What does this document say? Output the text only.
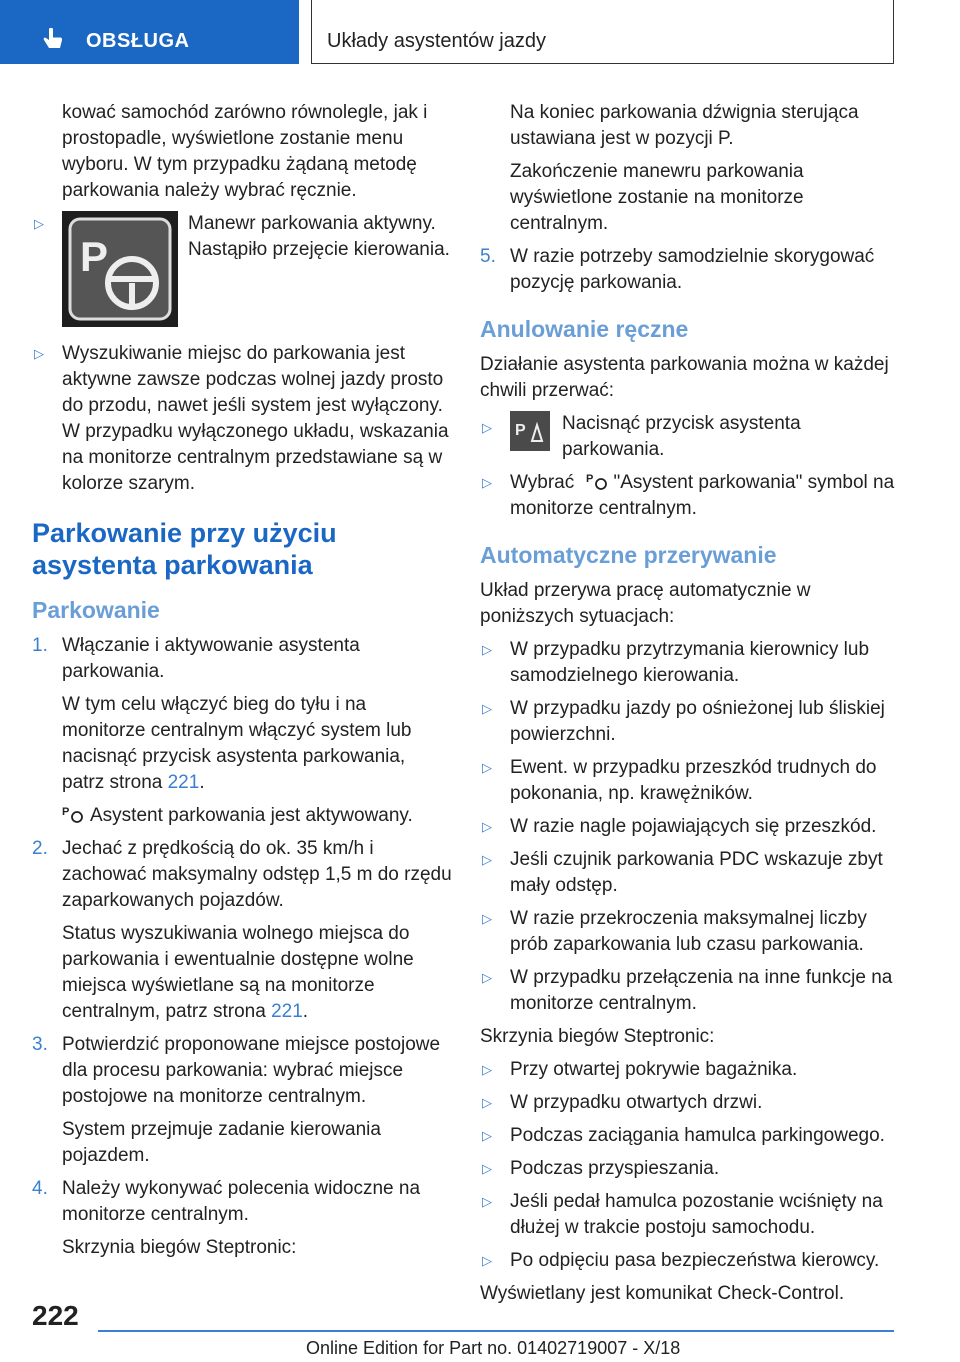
OBSŁUGA	Układy asystentów jazdy

kować samochód zarówno równolegle, jak i prostopadle, wyświetlone zostanie menu wyboru. W tym przypadku żądaną metodę parkowania należy wybrać ręcznie.

▷
P

Manewr parkowania aktywny. Nastąpiło przejęcie kierowania.

▷ Wyszukiwanie miejsc do parkowania jest aktywne zawsze podczas wolnej jazdy prosto do przodu, nawet jeśli system jest wyłączony. W przypadku wyłączonego układu, wskazania na monitorze centralnym przedstawiane są w kolorze szarym.

Parkowanie przy użyciu asystenta parkowania
Parkowanie
1. Włączanie i aktywowanie asystenta parkowania.

W tym celu włączyć bieg do tyłu i na monitorze centralnym włączyć system lub nacisnąć przycisk asystenta parkowania, patrz strona 221.

P Asystent parkowania jest aktywowany.

2. Jechać z prędkością do ok. 35 km/h i zachować maksymalny odstęp 1,5 m do rzędu zaparkowanych pojazdów.

Status wyszukiwania wolnego miejsca do parkowania i ewentualnie dostępne wolne miejsca wyświetlane są na monitorze centralnym, patrz strona 221.

3. Potwierdzić proponowane miejsce postojowe dla procesu parkowania: wybrać miejsce postojowe na monitorze centralnym.

System przejmuje zadanie kierowania pojazdem.

4. Należy wykonywać polecenia widoczne na monitorze centralnym.

Skrzynia biegów Steptronic:

Na koniec parkowania dźwignia sterująca ustawiana jest w pozycji P.

Zakończenie manewru parkowania wyświetlone zostanie na monitorze centralnym.

5. W razie potrzeby samodzielnie skorygować pozycję parkowania.

Anulowanie ręczne

Działanie asystenta parkowania można w każdej chwili przerwać:

▷ P Nacisnąć przycisk asystenta parkowania.

▷ Wybrać P "Asystent parkowania" symbol na monitorze centralnym.

Automatyczne przerywanie

Układ przerywa pracę automatycznie w poniższych sytuacjach:

▷ W przypadku przytrzymania kierownicy lub samodzielnego kierowania.

▷ W przypadku jazdy po ośnieżonej lub śliskiej powierzchni.

▷ Ewent. w przypadku przeszkód trudnych do pokonania, np. krawężników.

▷ W razie nagle pojawiających się przeszkód.

▷ Jeśli czujnik parkowania PDC wskazuje zbyt mały odstęp.

▷ W razie przekroczenia maksymalnej liczby prób zaparkowania lub czasu parkowania.

▷ W przypadku przełączenia na inne funkcje na monitorze centralnym.

Skrzynia biegów Steptronic:

▷ Przy otwartej pokrywie bagażnika.

▷ W przypadku otwartych drzwi.

▷ Podczas zaciągania hamulca parkingowego.

▷ Podczas przyspieszania.

▷ Jeśli pedał hamulca pozostanie wciśnięty na dłużej w trakcie postoju samochodu.

▷ Po odpięciu pasa bezpieczeństwa kierowcy.

Wyświetlany jest komunikat Check-Control.

222
Online Edition for Part no. 01402719007 - X/18
